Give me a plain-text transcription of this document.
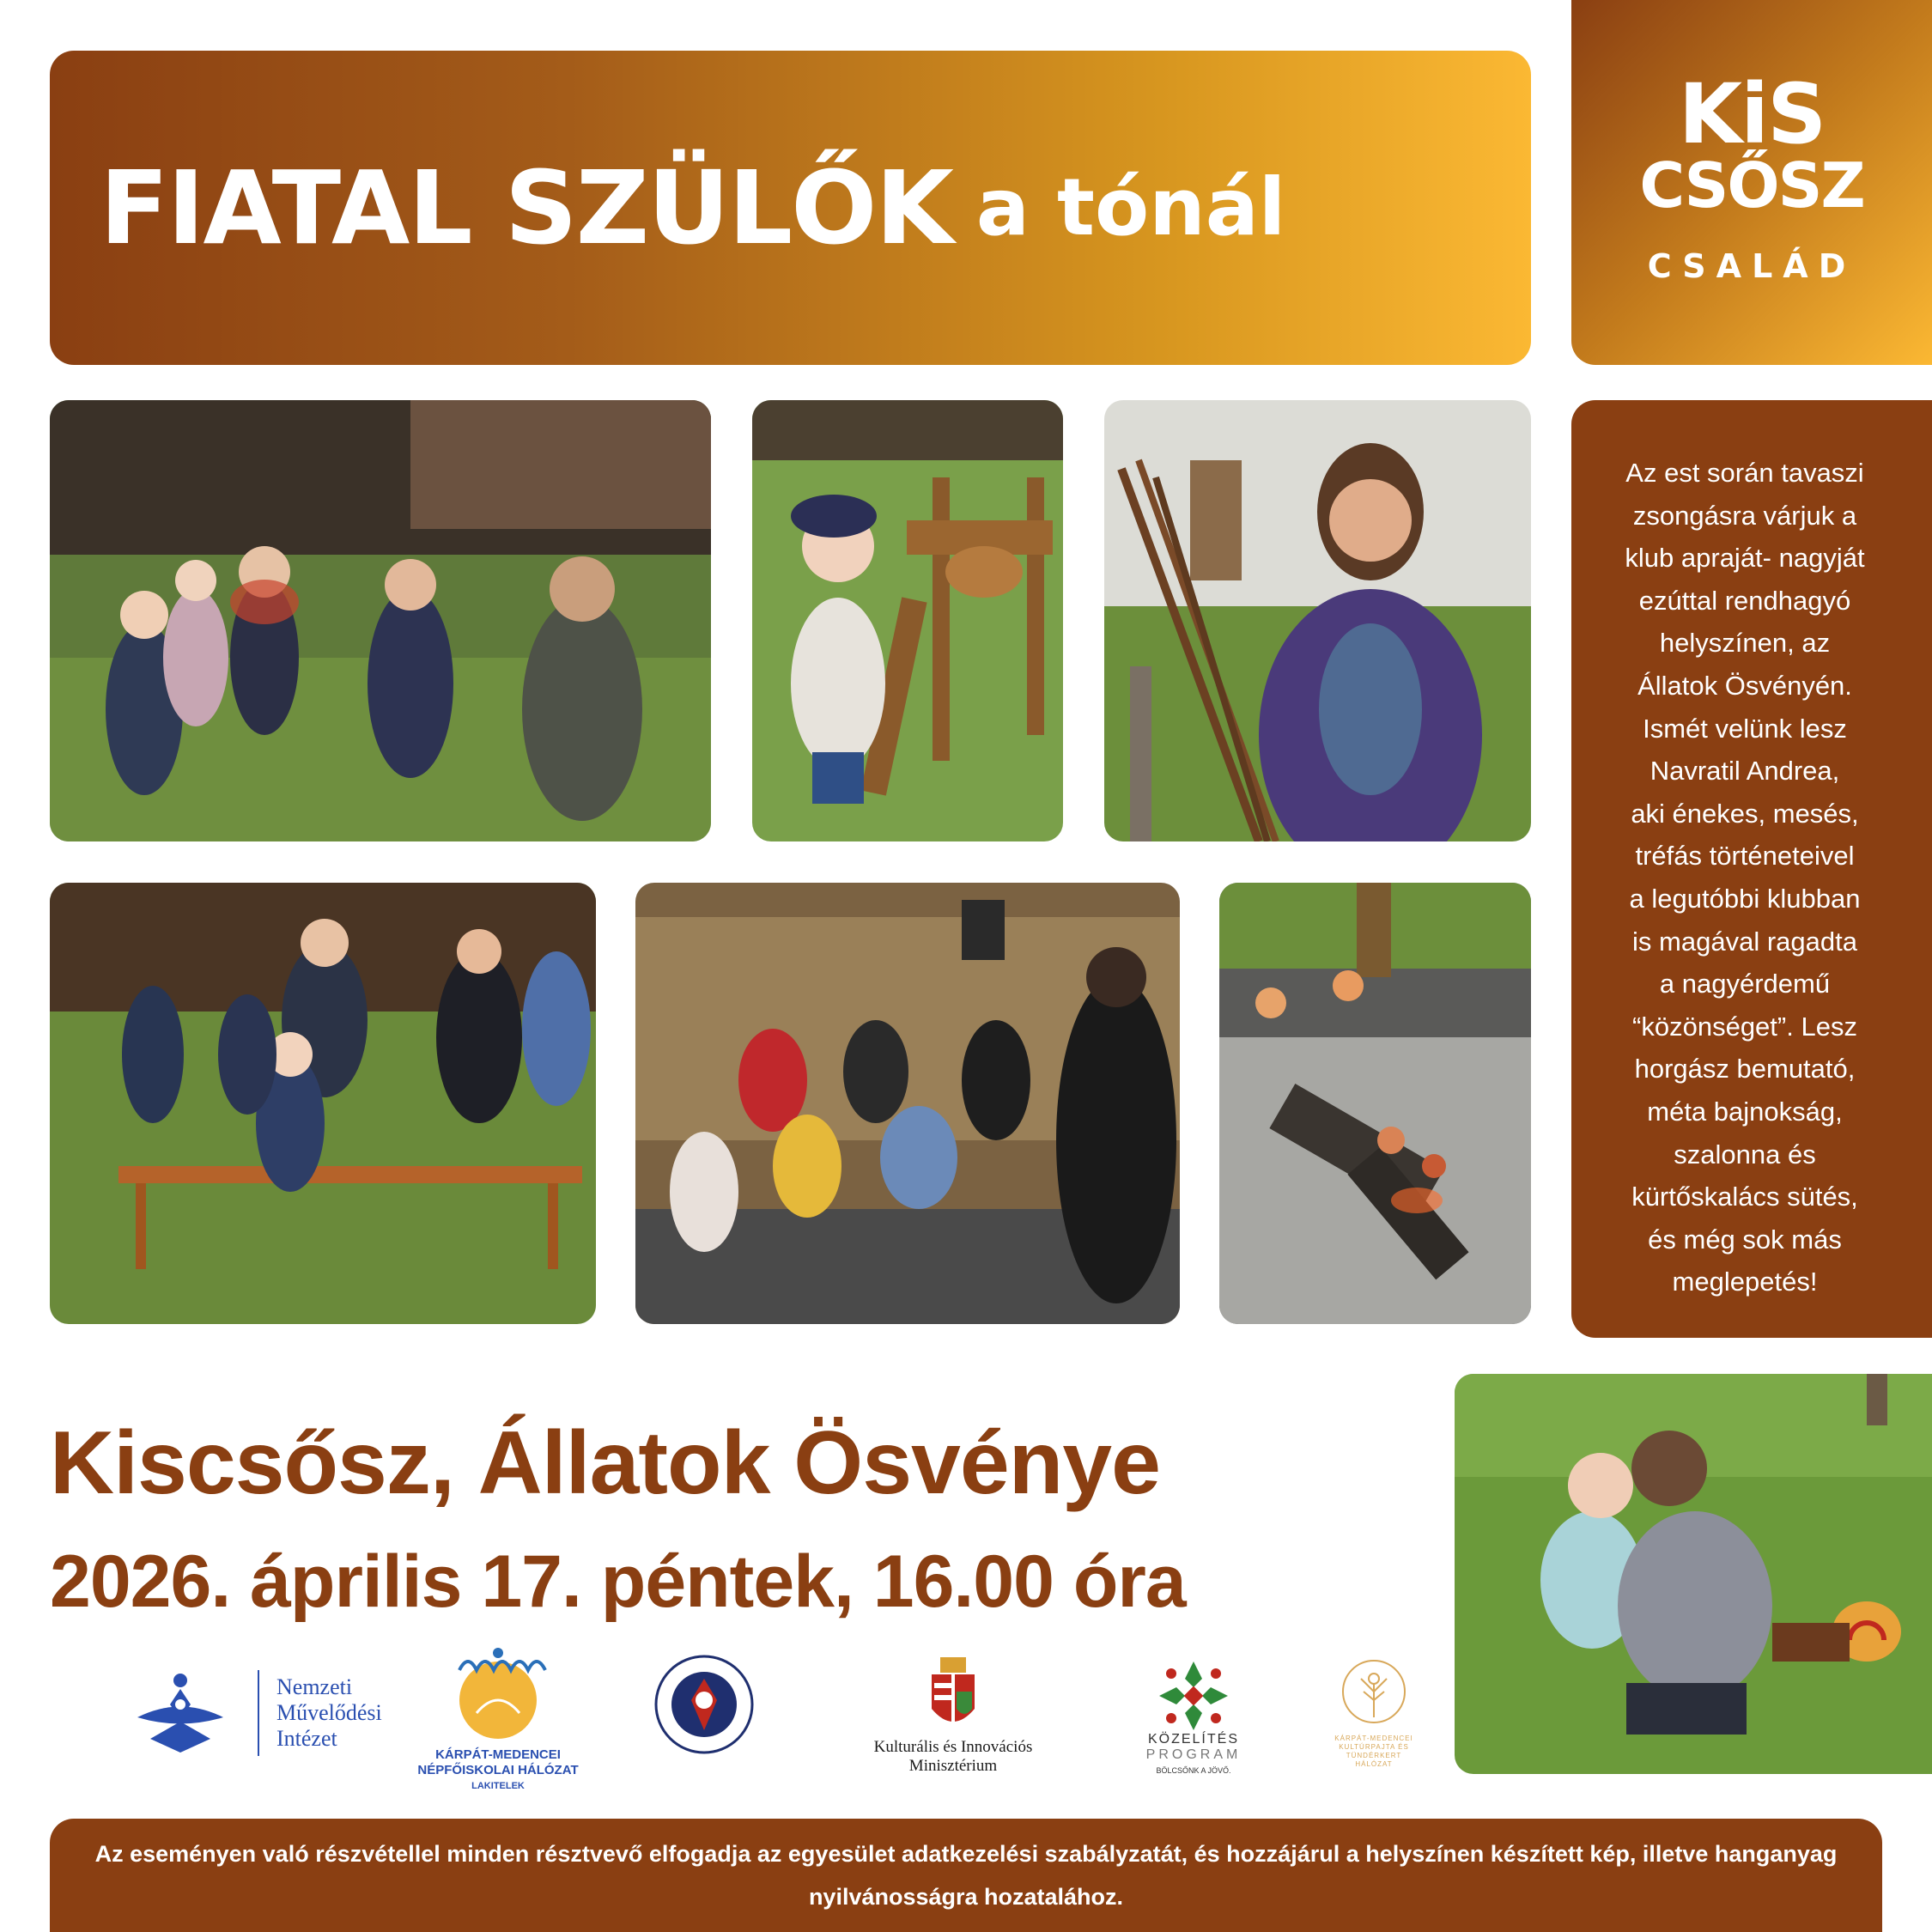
FIATAL SZÜLŐK a tónál
KiS
CSŐSZ
CSALÁD
Az est során tavaszi
zsongásra várjuk a
klub apraját- nagyját
ezúttal rendhagyó
helyszínen, az
Állatok Ösvényén.
Ismét velünk lesz
Navratil Andrea,
aki énekes, mesés,
tréfás történeteivel
a legutóbbi klubban
is magával ragadta
a nagyérdemű
“közönséget”. Lesz
horgász bemutató,
méta bajnokság,
szalonna és
kürtőskalács sütés,
és még sok más
meglepetés!
Kiscsősz, Állatok Ösvénye
2026. április 17. péntek, 16.00 óra
Nemzeti
Művelődési
Intézet
KÁRPÁT-MEDENCEI
NÉPFŐISKOLAI HÁLÓZAT
LAKITELEK
Kulturális és Innovációs
Minisztérium
KÖZELÍTÉS
PROGRAM
BÖLCSŐNK A JÖVŐ.
KÁRPÁT-MEDENCEI
KULTÚRPAJTA ÉS
TÜNDÉRKERT
HÁLÓZAT
Az eseményen való részvétellel minden résztvevő elfogadja az egyesület adatkezelési szabályzatát, és hozzájárul a helyszínen készített kép, illetve hanganyag nyilvánosságra hozatalához.
